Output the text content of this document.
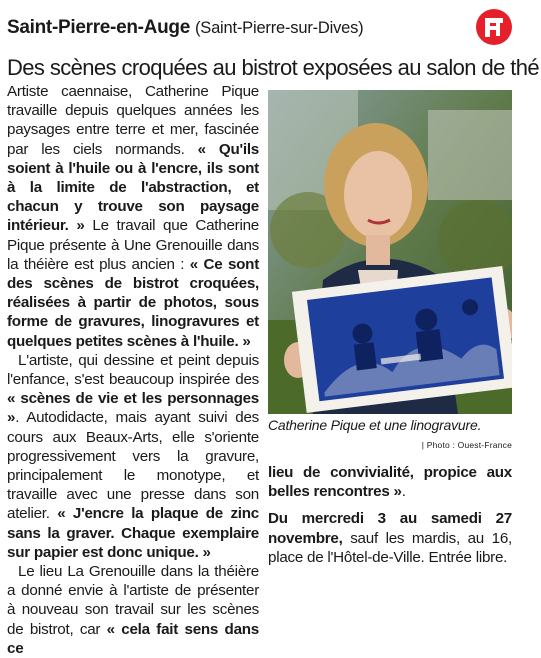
Saint-Pierre-en-Auge (Saint-Pierre-sur-Dives)
Des scènes croquées au bistrot exposées au salon de thé

Artiste caennaise, Catherine Pique travaille depuis quelques années les paysages entre terre et mer, fascinée par les ciels normands. « Qu'ils soient à l'huile ou à l'encre, ils sont à la limite de l'abstraction, et chacun y trouve son paysage intérieur. » Le travail que Catherine Pique présente à Une Grenouille dans la théière est plus ancien : « Ce sont des scènes de bistrot croquées, réalisées à partir de photos, sous forme de gravures, linogravures et quelques petites scènes à l'huile. »

L'artiste, qui dessine et peint depuis l'enfance, s'est beaucoup inspirée des « scènes de vie et les personnages ». Autodidacte, mais ayant suivi des cours aux Beaux-Arts, elle s'oriente progressivement vers la gravure, principalement le monotype, et travaille avec une presse dans son atelier. « J'encre la plaque de zinc sans la graver. Chaque exemplaire sur papier est donc unique. »

Le lieu La Grenouille dans la théière a donné envie à l'artiste de présenter à nouveau son travail sur les scènes de bistrot, car « cela fait sens dans ce

Catherine Pique et une linogravure.
| Photo : Ouest-France

lieu de convivialité, propice aux belles rencontres ».

Du mercredi 3 au samedi 27 novembre, sauf les mardis, au 16, place de l'Hôtel-de-Ville. Entrée libre.
